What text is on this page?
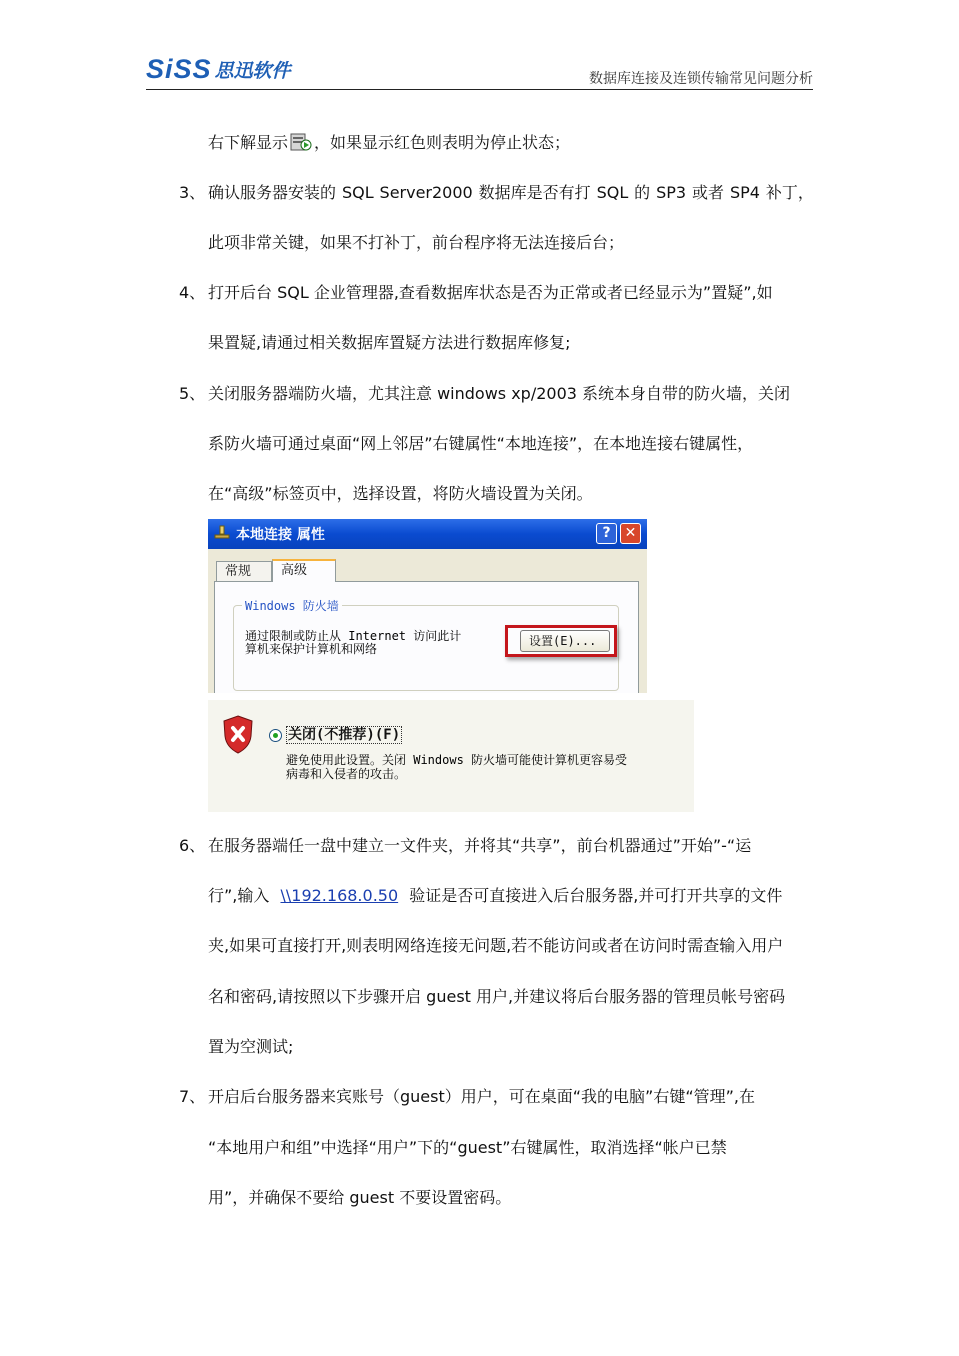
SiSS 思迅软件	数据库连接及连锁传输常见问题分析
右下解显示 ，如果显示红色则表明为停止状态；
3、 确认服务器安装的 SQL Server2000 数据库是否有打 SQL 的 SP3 或者 SP4 补丁，
此项非常关键，如果不打补丁，前台程序将无法连接后台；
4、 打开后台 SQL 企业管理器,查看数据库状态是否为正常或者已经显示为”置疑”,如
果置疑,请通过相关数据库置疑方法进行数据库修复;
5、 关闭服务器端防火墙，尤其注意 windows xp/2003 系统本身自带的防火墙，关闭
系防火墙可通过桌面“网上邻居”右键属性“本地连接”，在本地连接右键属性，
在“高级”标签页中，选择设置，将防火墙设置为关闭。
本地连接 属性	?	✕
常规	高级
Windows 防火墙
通过限制或防止从 Internet 访问此计
算机来保护计算机和网络
设置(E)...
关闭(不推荐)(F)
避免使用此设置。关闭 Windows 防火墙可能使计算机更容易受
病毒和入侵者的攻击。
6、 在服务器端任一盘中建立一文件夹，并将其“共享”，前台机器通过”开始”-“运
行”,输入 \\192.168.0.50 验证是否可直接进入后台服务器,并可打开共享的文件
夹,如果可直接打开,则表明网络连接无问题,若不能访问或者在访问时需查输入用户
名和密码,请按照以下步骤开启 guest 用户,并建议将后台服务器的管理员帐号密码
置为空测试;
7、 开启后台服务器来宾账号（guest）用户，可在桌面“我的电脑”右键“管理”,在
“本地用户和组”中选择“用户”下的“guest”右键属性，取消选择“帐户已禁
用”，并确保不要给 guest 不要设置密码。
